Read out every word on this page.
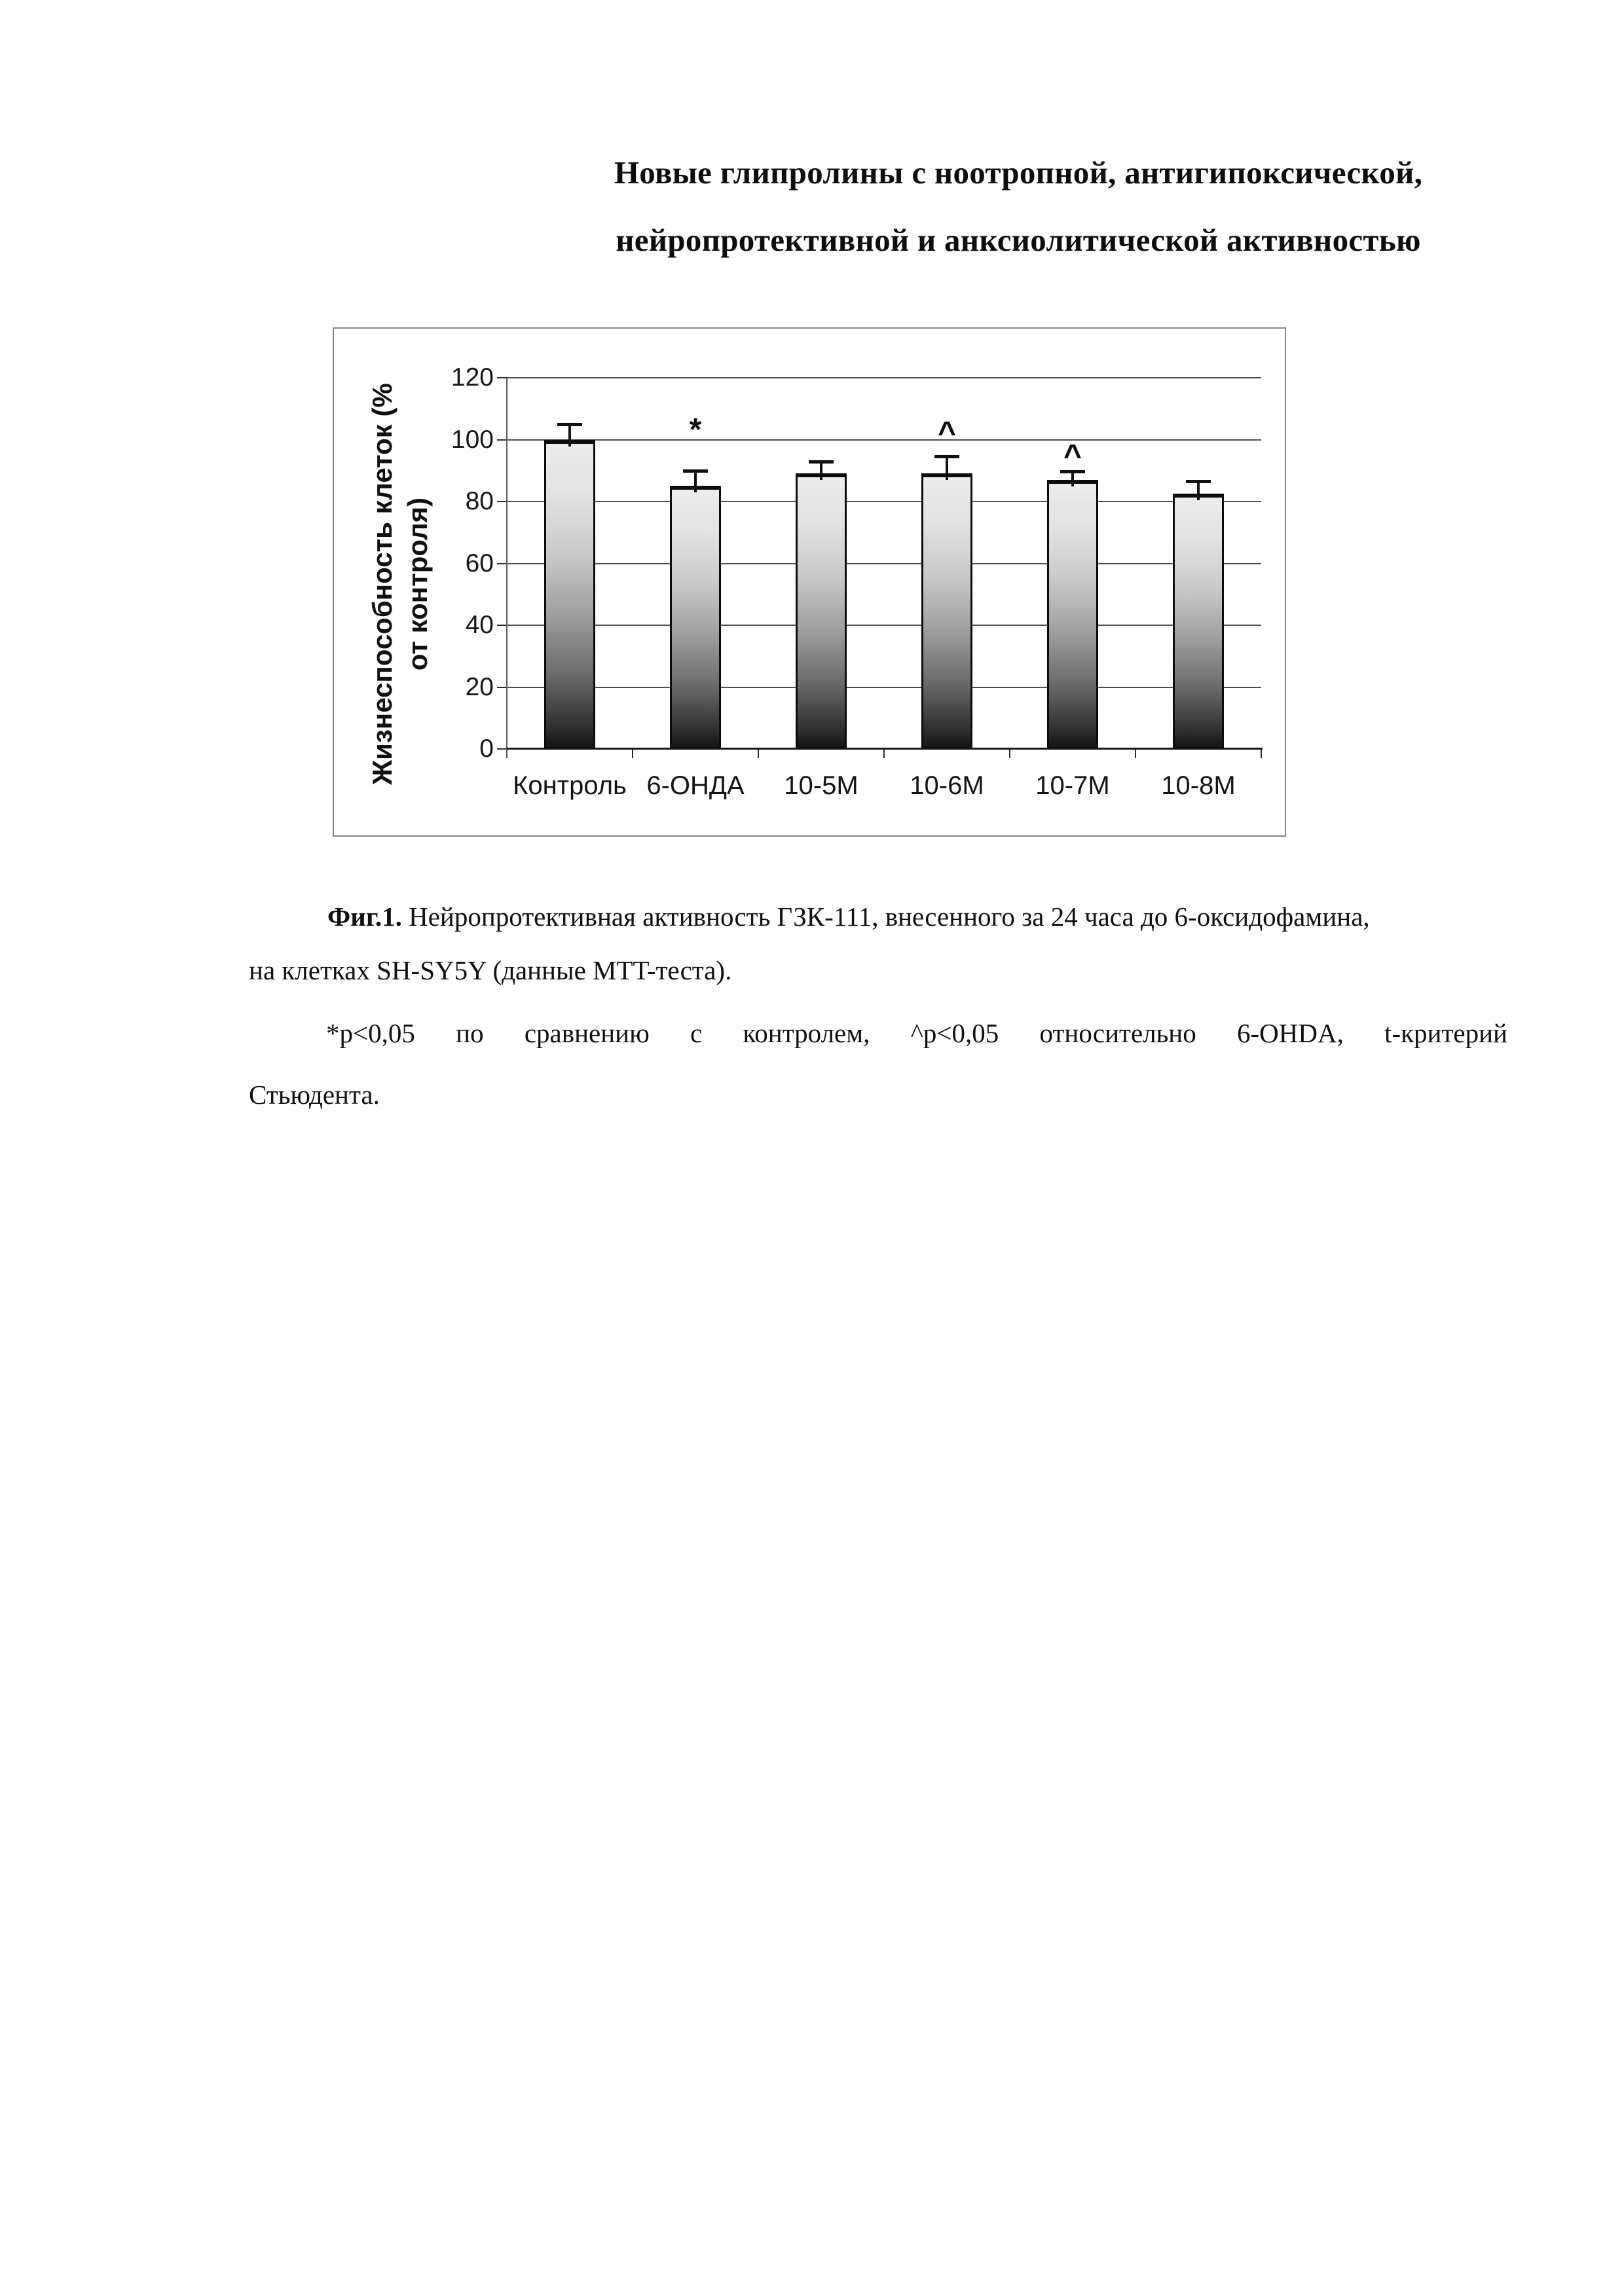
Новые глипролины с ноотропной, антигипоксической,
нейропротективной и анксиолитической активностью
Жизнеспособность клеток (% от контроля)
0
20
40
60
80
100
120
Контроль 6-ОНДА	10-5M	10-6M	10-7M	10-8M
*	^
^

Фиг.1. Нейропротективная активность ГЗК-111, внесенного за 24 часа до 6-оксидофамина,
на клетках SH-SY5Y (данные MTT-теста).

*p<0,05 по сравнению с контролем, ^p<0,05 относительно 6-OHDA, t-критерий
Стьюдента.
